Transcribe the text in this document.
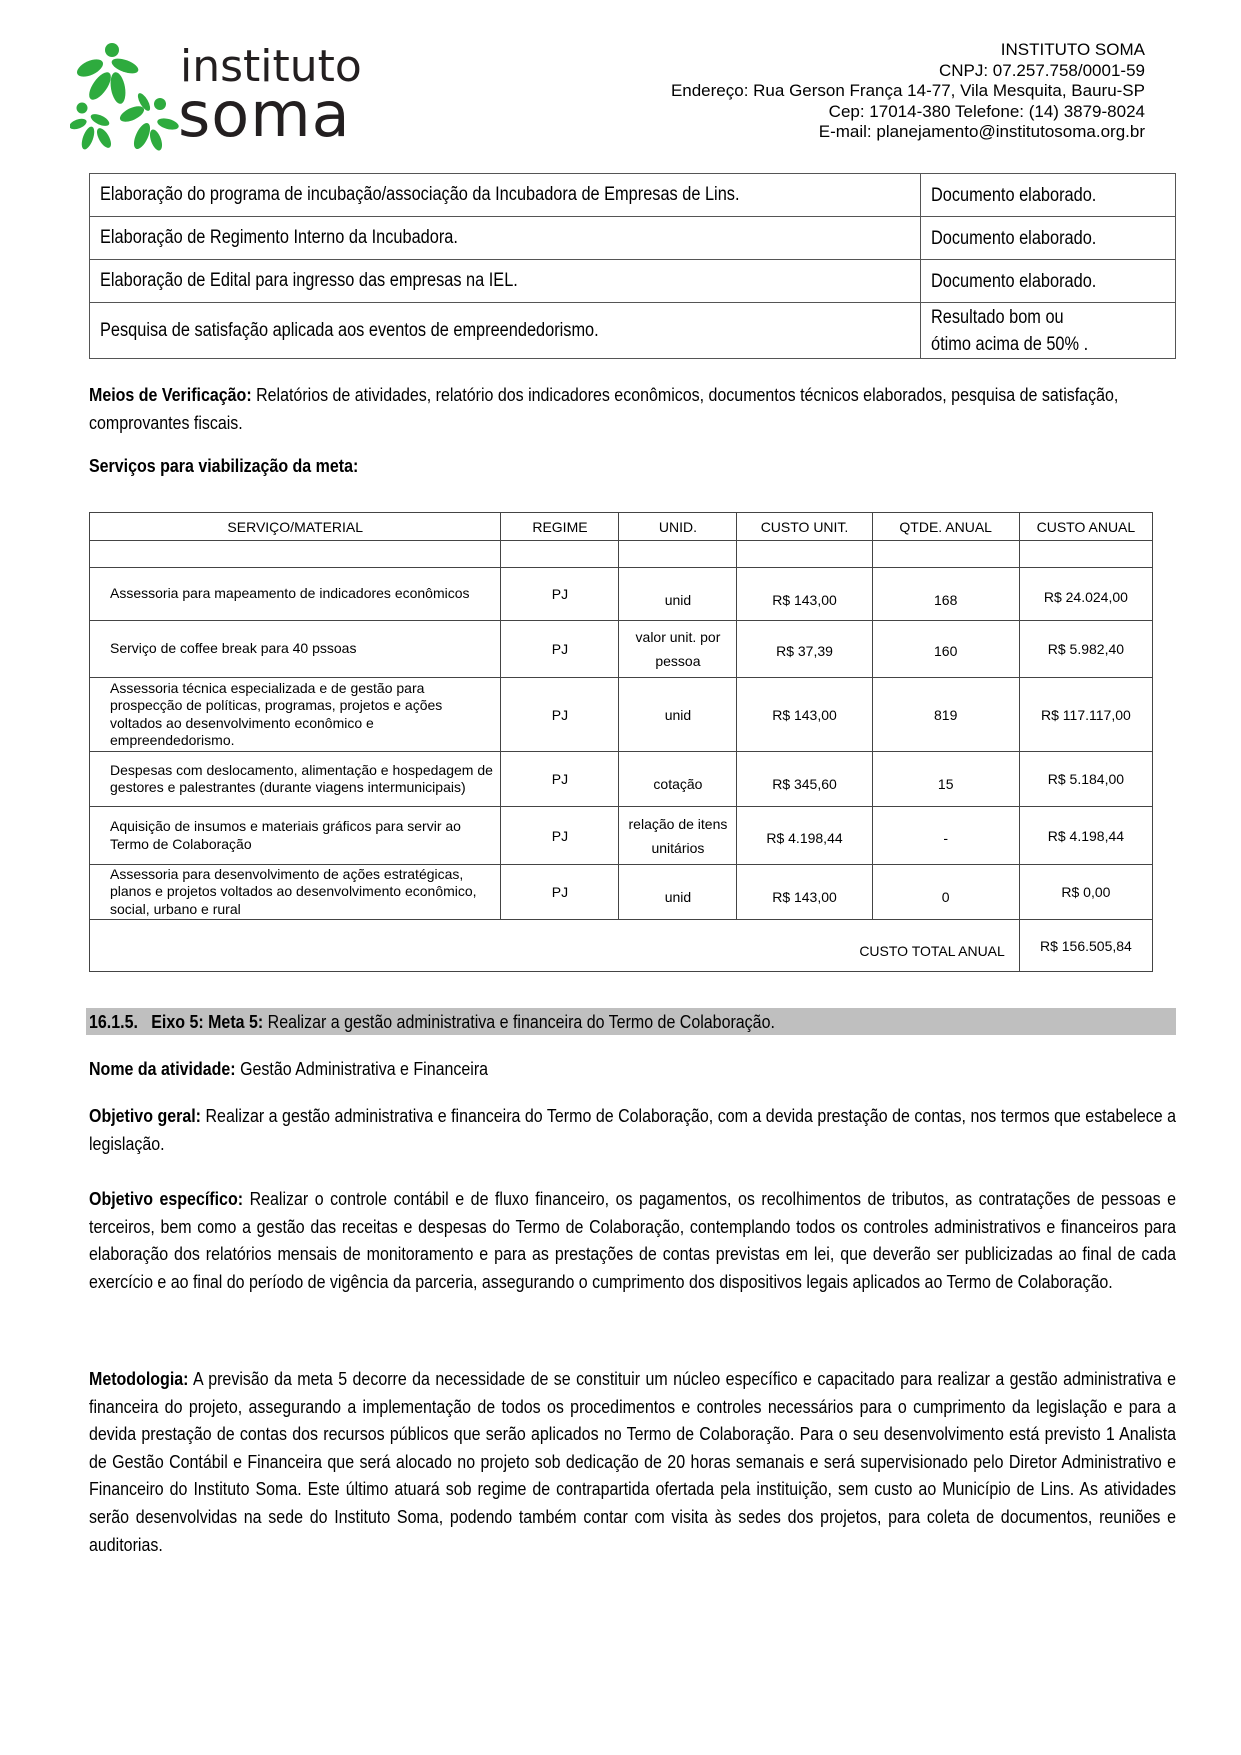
instituto
soma
INSTITUTO SOMA
CNPJ: 07.257.758/0001-59
Endereço: Rua Gerson França 14-77, Vila Mesquita, Bauru-SP
Cep: 17014-380 Telefone: (14) 3879-8024
E-mail: planejamento@institutosoma.org.br
Elaboração do programa de incubação/associação da Incubadora de Empresas de Lins.	Documento elaborado.
Elaboração de Regimento Interno da Incubadora.	Documento elaborado.
Elaboração de Edital para ingresso das empresas na IEL.	Documento elaborado.
Pesquisa de satisfação aplicada aos eventos de empreendedorismo.	Resultado bom ou
ótimo acima de 50% .
Meios de Verificação: Relatórios de atividades, relatório dos indicadores econômicos, documentos técnicos elaborados, pesquisa de satisfação, comprovantes fiscais.
Serviços para viabilização da meta:
SERVIÇO/MATERIAL	REGIME	UNID.	CUSTO UNIT.	QTDE. ANUAL	CUSTO ANUAL

Assessoria para mapeamento de indicadores econômicos	PJ	unid	R$ 143,00	168	R$ 24.024,00
Serviço de coffee break para 40 pssoas	PJ	valor unit. por pessoa	R$ 37,39	160	R$ 5.982,40
Assessoria técnica especializada e de gestão para prospecção de políticas, programas, projetos e ações voltados ao desenvolvimento econômico e empreendedorismo.	PJ	unid	R$ 143,00	819	R$ 117.117,00
Despesas com deslocamento, alimentação e hospedagem de gestores e palestrantes (durante viagens intermunicipais)	PJ	cotação	R$ 345,60	15	R$ 5.184,00
Aquisição de insumos e materiais gráficos para servir ao Termo de Colaboração	PJ	relação de itens unitários	R$ 4.198,44	-	R$ 4.198,44
Assessoria para desenvolvimento de ações estratégicas, planos e projetos voltados ao desenvolvimento econômico, social, urbano e rural	PJ	unid	R$ 143,00	0	R$ 0,00
CUSTO TOTAL ANUAL					R$ 156.505,84
16.1.5. Eixo 5: Meta 5: Realizar a gestão administrativa e financeira do Termo de Colaboração.
Nome da atividade: Gestão Administrativa e Financeira
Objetivo geral: Realizar a gestão administrativa e financeira do Termo de Colaboração, com a devida prestação de contas, nos termos que estabelece a legislação.
Objetivo específico: Realizar o controle contábil e de fluxo financeiro, os pagamentos, os recolhimentos de tributos, as contratações de pessoas e terceiros, bem como a gestão das receitas e despesas do Termo de Colaboração, contemplando todos os controles administrativos e financeiros para elaboração dos relatórios mensais de monitoramento e para as prestações de contas previstas em lei, que deverão ser publicizadas ao final de cada exercício e ao final do período de vigência da parceria, assegurando o cumprimento dos dispositivos legais aplicados ao Termo de Colaboração.
Metodologia: A previsão da meta 5 decorre da necessidade de se constituir um núcleo específico e capacitado para realizar a gestão administrativa e financeira do projeto, assegurando a implementação de todos os procedimentos e controles necessários para o cumprimento da legislação e para a devida prestação de contas dos recursos públicos que serão aplicados no Termo de Colaboração. Para o seu desenvolvimento está previsto 1 Analista de Gestão Contábil e Financeira que será alocado no projeto sob dedicação de 20 horas semanais e será supervisionado pelo Diretor Administrativo e Financeiro do Instituto Soma. Este último atuará sob regime de contrapartida ofertada pela instituição, sem custo ao Município de Lins. As atividades serão desenvolvidas na sede do Instituto Soma, podendo também contar com visita às sedes dos projetos, para coleta de documentos, reuniões e auditorias.
